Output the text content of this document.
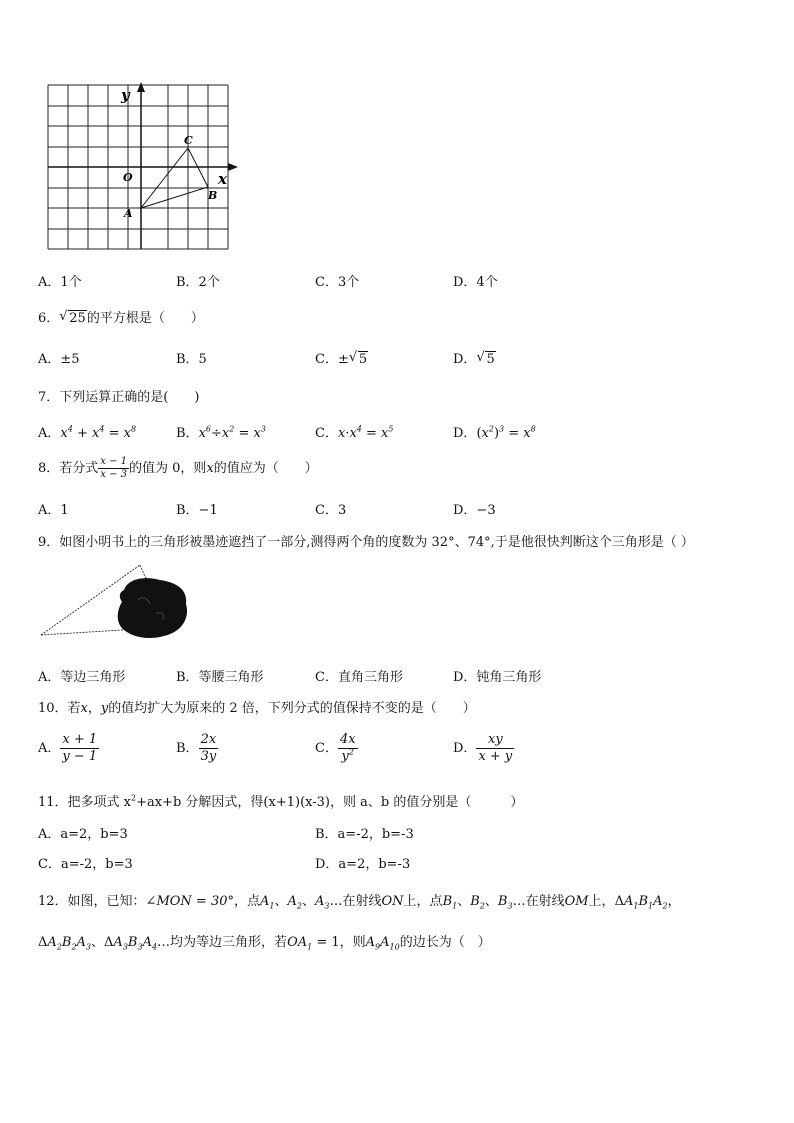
y
x
O
A
B
C
A．1个	B．2个	C．3个	D．4个
6． √ 25的平方根是（　　）
A．±5	B．5	C．± √ 5	D． √ 5
7．下列运算正确的是(　　)
A．$x^4 + x^4 = x^8$	B．$x^6\div x^2 = x^3$	C．$x\cdot x^4 = x^5$	D．$(x^2)^3 = x^8$
8．若分式 $\frac{x - 1}{x - 3}$ 的值为 0，则x的值应为（　　）
A．1	B．−1	C．3	D．−3
9．如图小明书上的三角形被墨迹遮挡了一部分,测得两个角的度数为 32°、74°,于是他很快判断这个三角形是（ ）
A．等边三角形	B．等腰三角形	C．直角三角形	D．钝角三角形
10．若x，y的值均扩大为原来的 2 倍，下列分式的值保持不变的是（　　）
A． $\frac{x + 1}{y - 1}$	B． $\frac{2x}{3y}$	C． $\frac{4x}{y^2}$	D． $\frac{xy}{x + y}$
11．把多项式 $x^2+ax+b$ 分解因式，得(x+1)(x-3)，则 a、b 的值分别是（　　　）
A．a=2，b=3	B．a=-2，b=-3
C．a=-2，b=3	D．a=2，b=-3
12．如图，已知：∠MON = 30°，点$A_1$、$A_2$、$A_3\dots$在射线ON上，点$B_1$、$B_2$、$B_3\dots$在射线OM上，$\Delta A_1B_1A_2$，
$\Delta A_2B_2A_3$、$\Delta A_3B_3A_4\dots$均为等边三角形，若$OA_1 = 1$，则$A_9A_{10}$的边长为（　）
